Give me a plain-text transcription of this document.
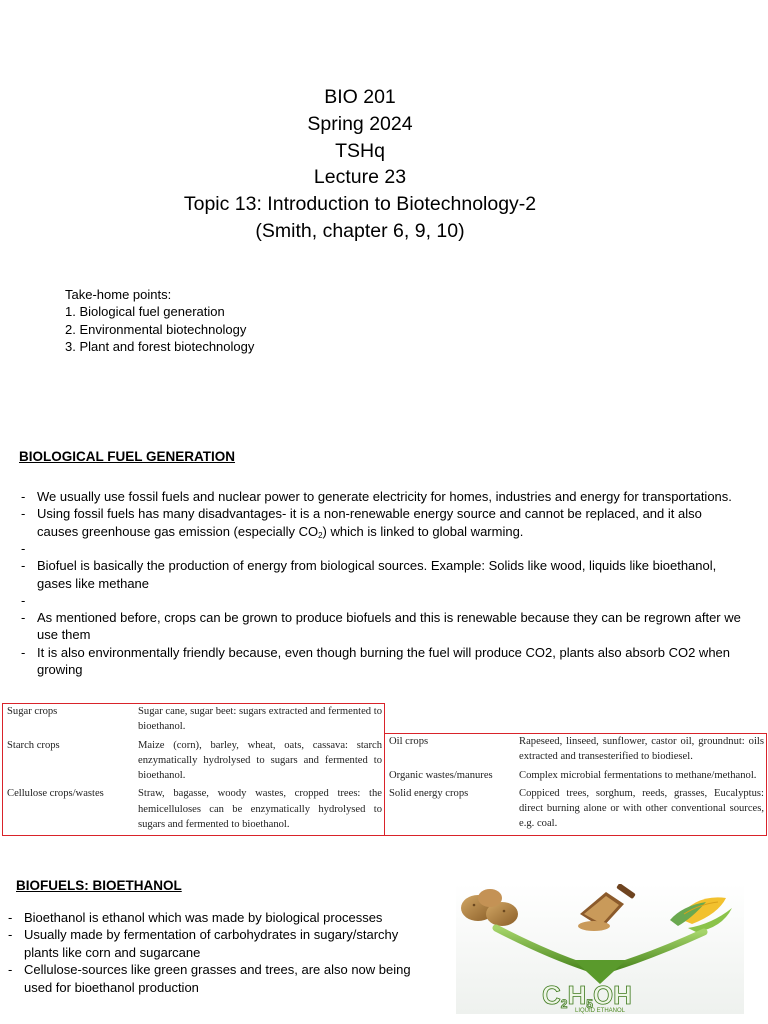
BIO 201
Spring 2024
TSHq
Lecture 23
Topic 13: Introduction to Biotechnology-2
(Smith, chapter 6, 9, 10)
Take-home points:
1. Biological fuel generation
2. Environmental biotechnology
3. Plant and forest biotechnology
BIOLOGICAL FUEL GENERATION
- We usually use fossil fuels and nuclear power to generate electricity for homes, industries and energy for transportations.
- Using fossil fuels has many disadvantages- it is a non-renewable energy source and cannot be replaced, and it also causes greenhouse gas emission (especially $CO_2$) which is linked to global warming.
-
- Biofuel is basically the production of energy from biological sources. Example: Solids like wood, liquids like bioethanol, gases like methane
-
- As mentioned before, crops can be grown to produce biofuels and this is renewable because they can be regrown after we use them
- It is also environmentally friendly because, even though burning the fuel will produce CO2, plants also absorb CO2 when growing
Sugar crops	Sugar cane, sugar beet: sugars extracted and fermented to bioethanol.
Starch crops	Maize (corn), barley, wheat, oats, cassava: starch enzymatically hydrolysed to sugars and fermented to bioethanol.
Cellulose crops/wastes	Straw, bagasse, woody wastes, cropped trees: the hemicelluloses can be enzymatically hydrolysed to sugars and fermented to bioethanol.
Oil crops	Rapeseed, linseed, sunflower, castor oil, groundnut: oils extracted and transesterified to biodiesel.
Organic wastes/manures	Complex microbial fermentations to methane/methanol.
Solid energy crops	Coppiced trees, sorghum, reeds, grasses, Eucalyptus: direct burning alone or with other conventional sources, e.g. coal.
BIOFUELS: BIOETHANOL
- Bioethanol is ethanol which was made by biological processes
- Usually made by fermentation of carbohydrates in sugary/starchy plants like corn and sugarcane
- Cellulose-sources like green grasses and trees, are also now being used for bioethanol production	C2H5OH
LIQUID ETHANOL
